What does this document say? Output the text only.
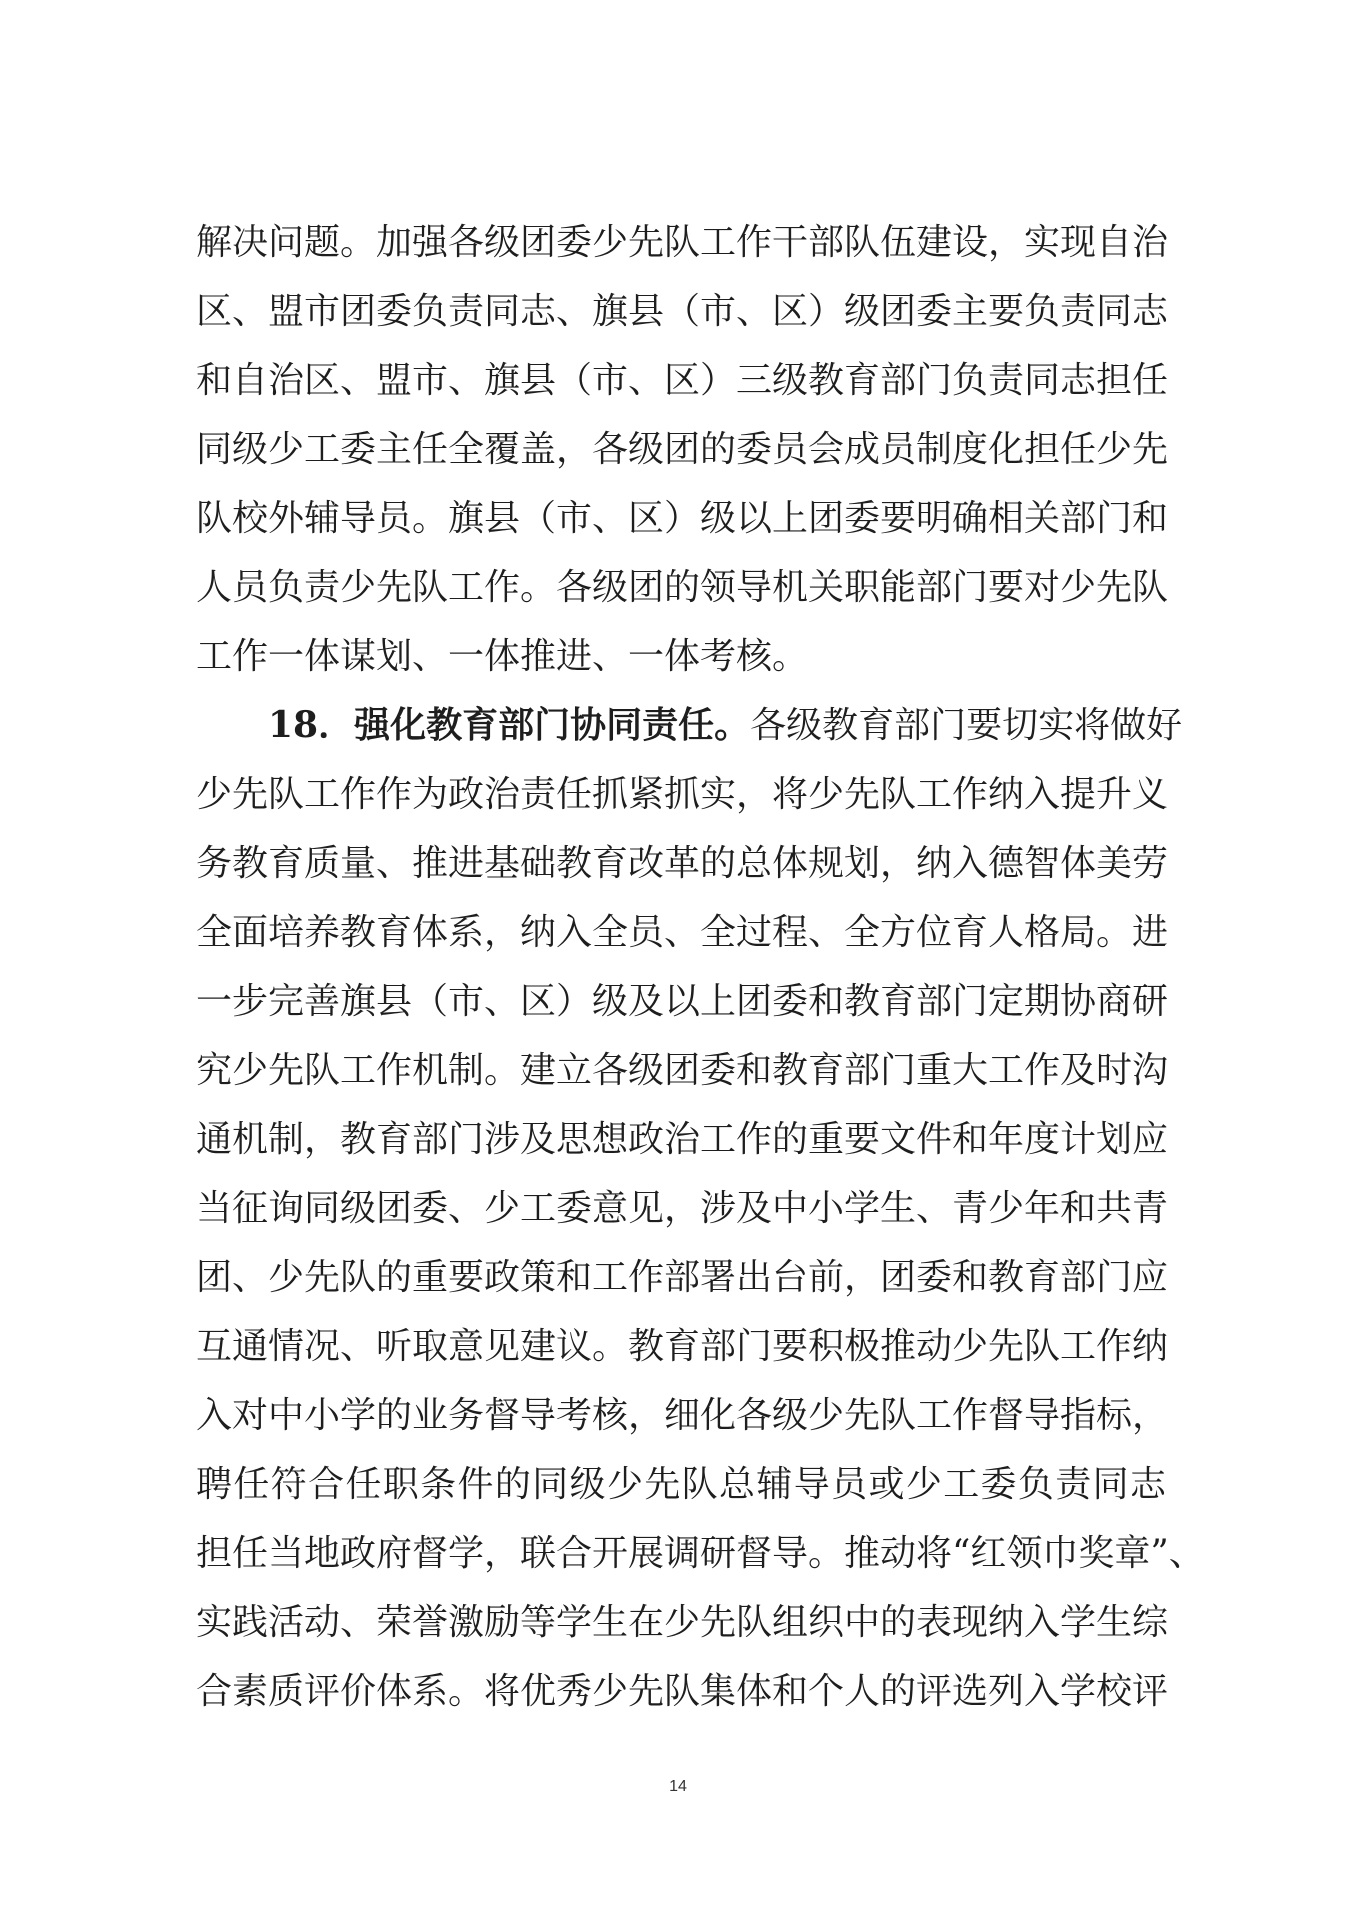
解决问题。加强各级团委少先队工作干部队伍建设，实现自治
区、盟市团委负责同志、旗县（市、区）级团委主要负责同志
和自治区、盟市、旗县（市、区）三级教育部门负责同志担任
同级少工委主任全覆盖，各级团的委员会成员制度化担任少先
队校外辅导员。旗县（市、区）级以上团委要明确相关部门和
人员负责少先队工作。各级团的领导机关职能部门要对少先队
工作一体谋划、一体推进、一体考核。
18．强化教育部门协同责任。各级教育部门要切实将做好
少先队工作作为政治责任抓紧抓实，将少先队工作纳入提升义
务教育质量、推进基础教育改革的总体规划，纳入德智体美劳
全面培养教育体系，纳入全员、全过程、全方位育人格局。进
一步完善旗县（市、区）级及以上团委和教育部门定期协商研
究少先队工作机制。建立各级团委和教育部门重大工作及时沟
通机制，教育部门涉及思想政治工作的重要文件和年度计划应
当征询同级团委、少工委意见，涉及中小学生、青少年和共青
团、少先队的重要政策和工作部署出台前，团委和教育部门应
互通情况、听取意见建议。教育部门要积极推动少先队工作纳
入对中小学的业务督导考核，细化各级少先队工作督导指标，
聘任符合任职条件的同级少先队总辅导员或少工委负责同志
担任当地政府督学，联合开展调研督导。推动将“红领巾奖章”、
实践活动、荣誉激励等学生在少先队组织中的表现纳入学生综
合素质评价体系。将优秀少先队集体和个人的评选列入学校评
14
